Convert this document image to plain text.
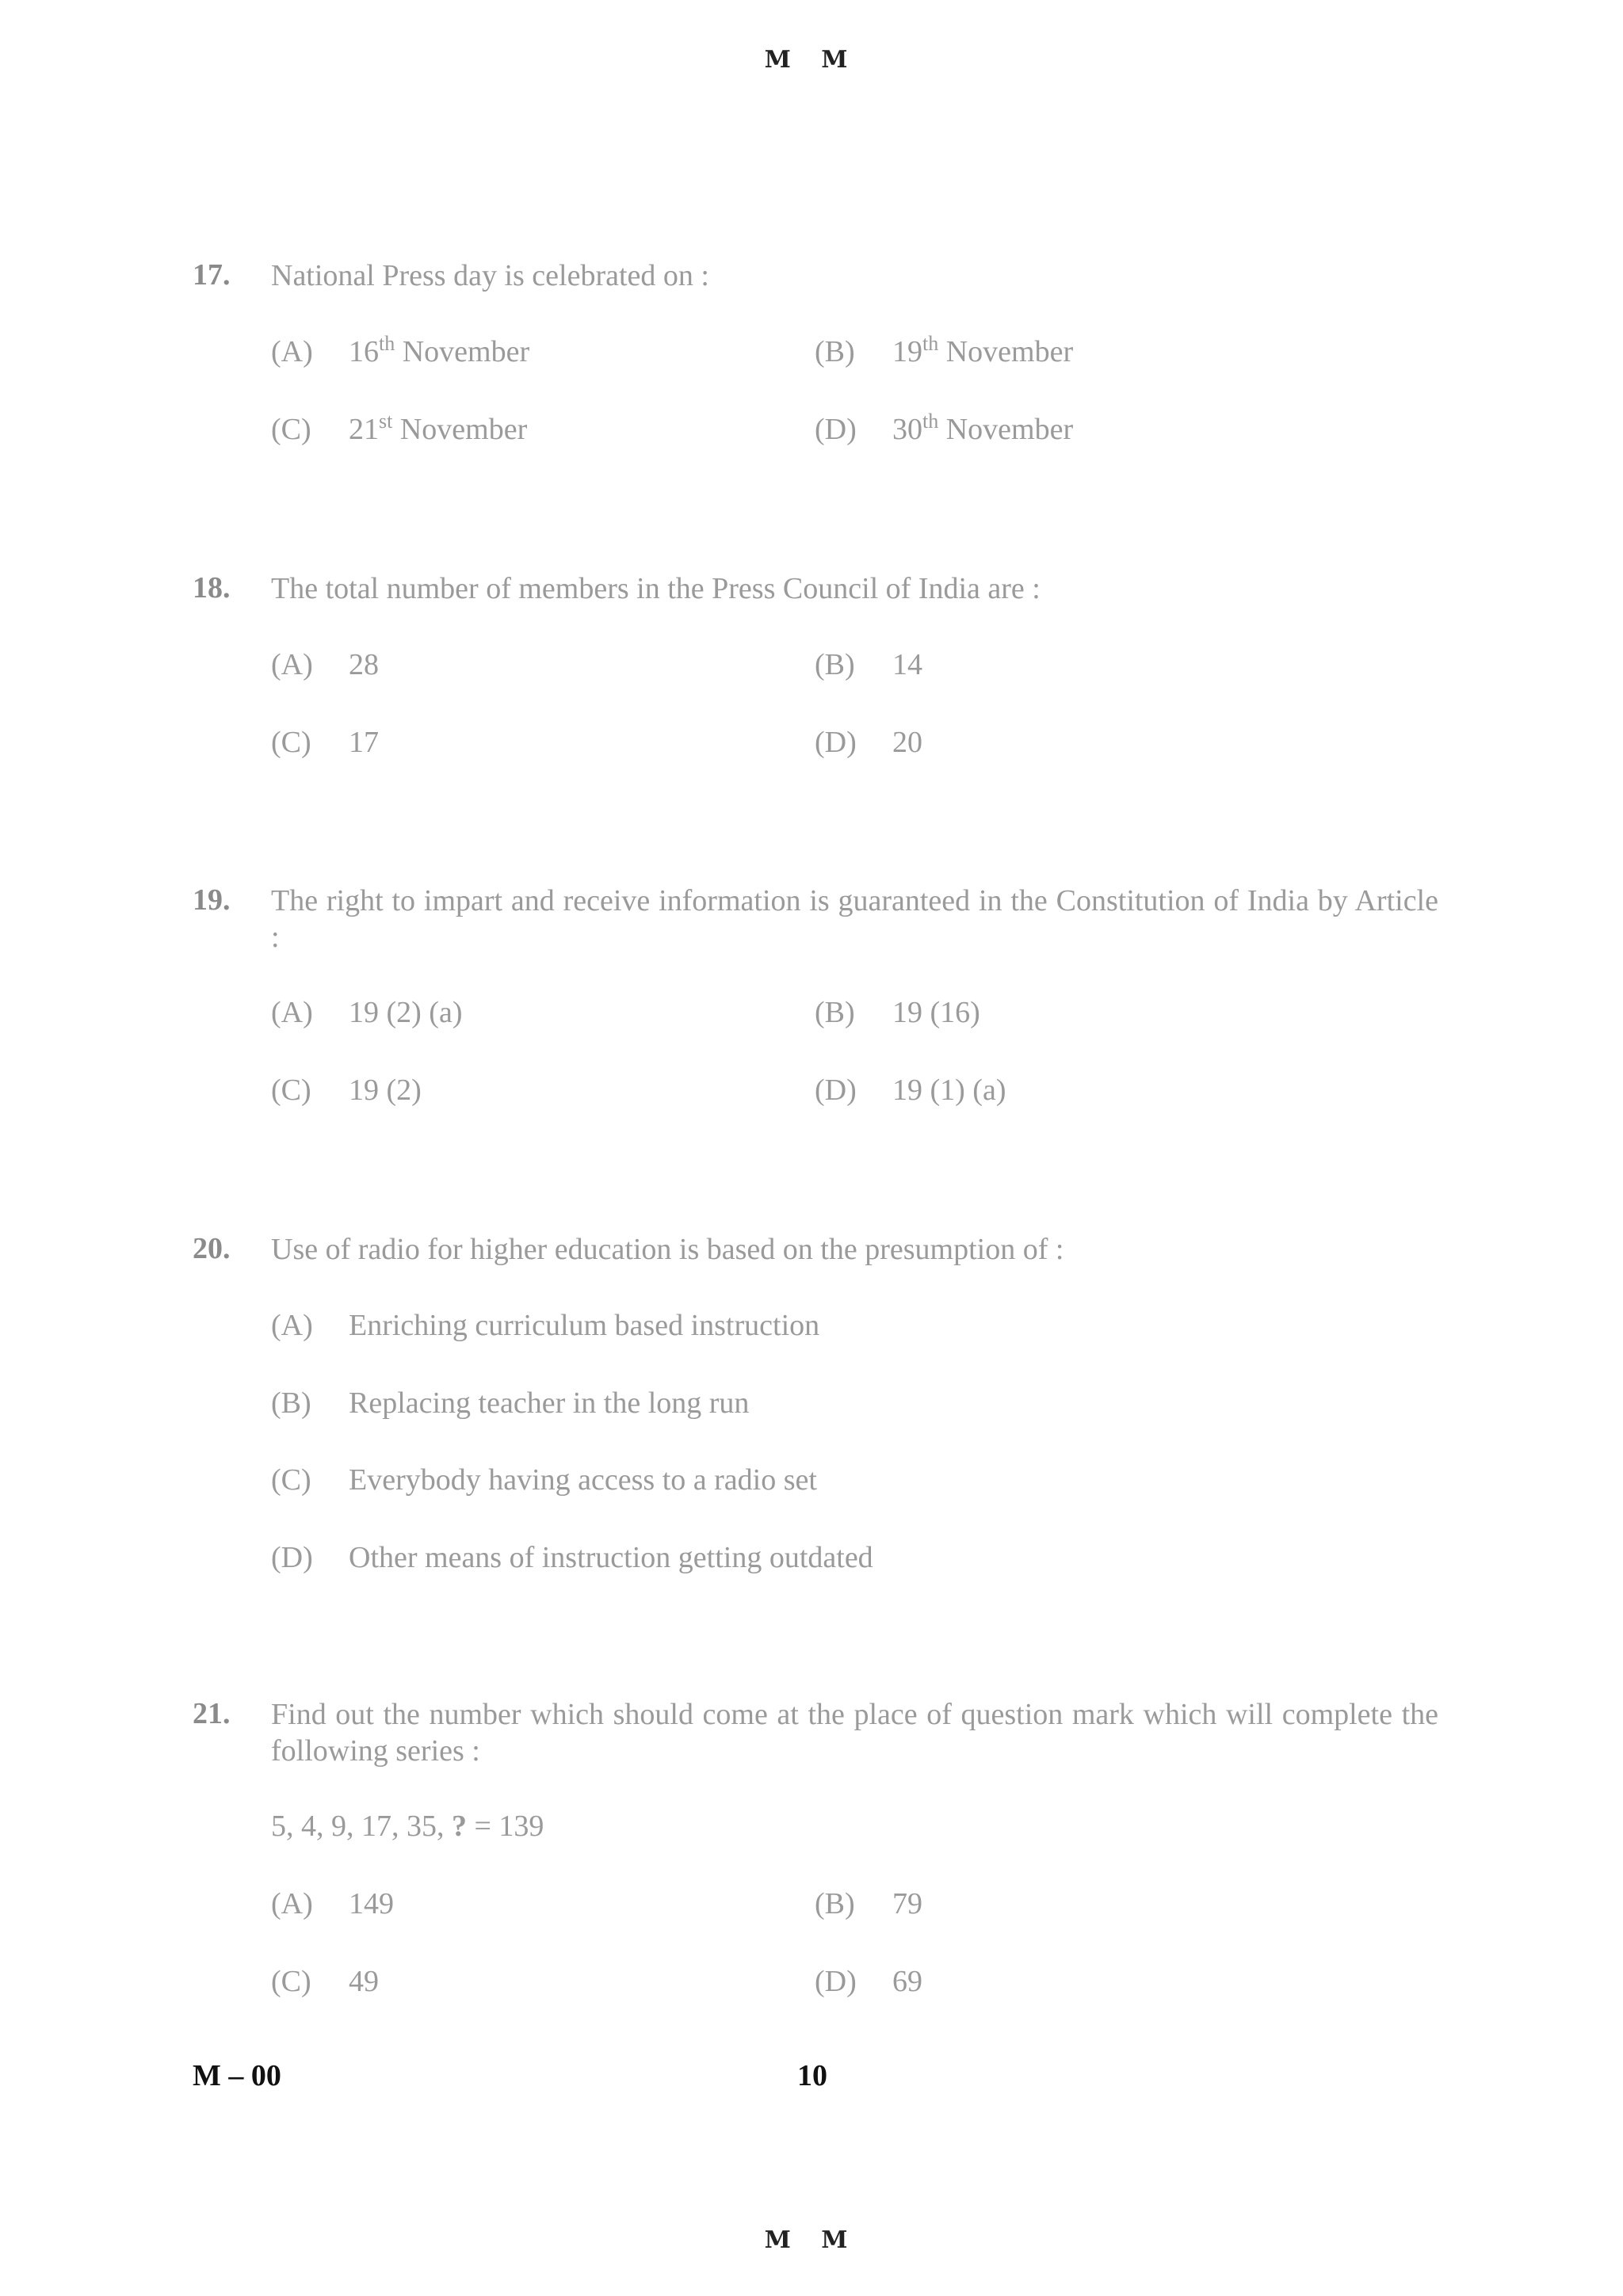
M M
17. National Press day is celebrated on :
(A) 16th November	(B) 19th November
(C) 21st November	(D) 30th November
18. The total number of members in the Press Council of India are :
(A) 28	(B) 14
(C) 17	(D) 20
19. The right to impart and receive information is guaranteed in the Constitution of India by Article :
(A) 19 (2) (a)	(B) 19 (16)
(C) 19 (2)	(D) 19 (1) (a)
20. Use of radio for higher education is based on the presumption of :
(A) Enriching curriculum based instruction
(B) Replacing teacher in the long run
(C) Everybody having access to a radio set
(D) Other means of instruction getting outdated
21. Find out the number which should come at the place of question mark which will complete the following series :
5, 4, 9, 17, 35, ? = 139
(A) 149	(B) 79
(C) 49	(D) 69
M – 00	10
M M
